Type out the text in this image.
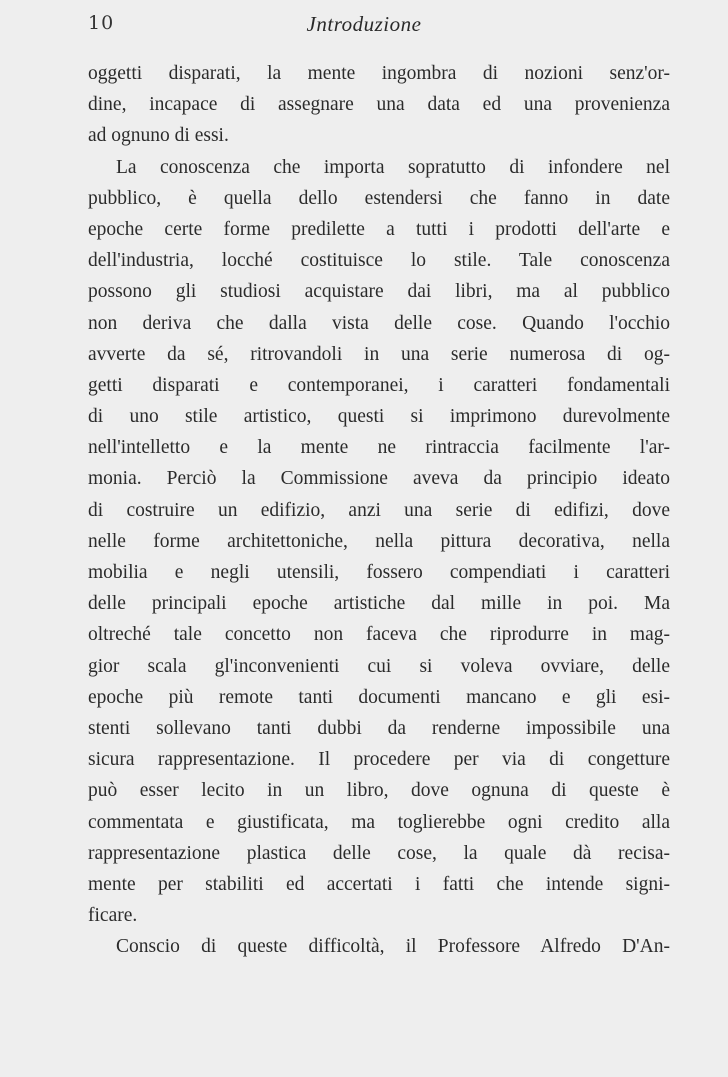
10	Jntroduzione
oggetti disparati, la mente ingombra di nozioni senz'or-
dine, incapace di assegnare una data ed una provenienza
ad ognuno di essi.
La conoscenza che importa sopratutto di infondere nel
pubblico, è quella dello estendersi che fanno in date
epoche certe forme predilette a tutti i prodotti dell'arte e
dell'industria, locché costituisce lo stile. Tale conoscenza
possono gli studiosi acquistare dai libri, ma al pubblico
non deriva che dalla vista delle cose. Quando l'occhio
avverte da sé, ritrovandoli in una serie numerosa di og-
getti disparati e contemporanei, i caratteri fondamentali
di uno stile artistico, questi si imprimono durevolmente
nell'intelletto e la mente ne rintraccia facilmente l'ar-
monia. Perciò la Commissione aveva da principio ideato
di costruire un edifizio, anzi una serie di edifizi, dove
nelle forme architettoniche, nella pittura decorativa, nella
mobilia e negli utensili, fossero compendiati i caratteri
delle principali epoche artistiche dal mille in poi. Ma
oltreché tale concetto non faceva che riprodurre in mag-
gior scala gl'inconvenienti cui si voleva ovviare, delle
epoche più remote tanti documenti mancano e gli esi-
stenti sollevano tanti dubbi da renderne impossibile una
sicura rappresentazione. Il procedere per via di congetture
può esser lecito in un libro, dove ognuna di queste è
commentata e giustificata, ma toglierebbe ogni credito alla
rappresentazione plastica delle cose, la quale dà recisa-
mente per stabiliti ed accertati i fatti che intende signi-
ficare.
Conscio di queste difficoltà, il Professore Alfredo D'An-
